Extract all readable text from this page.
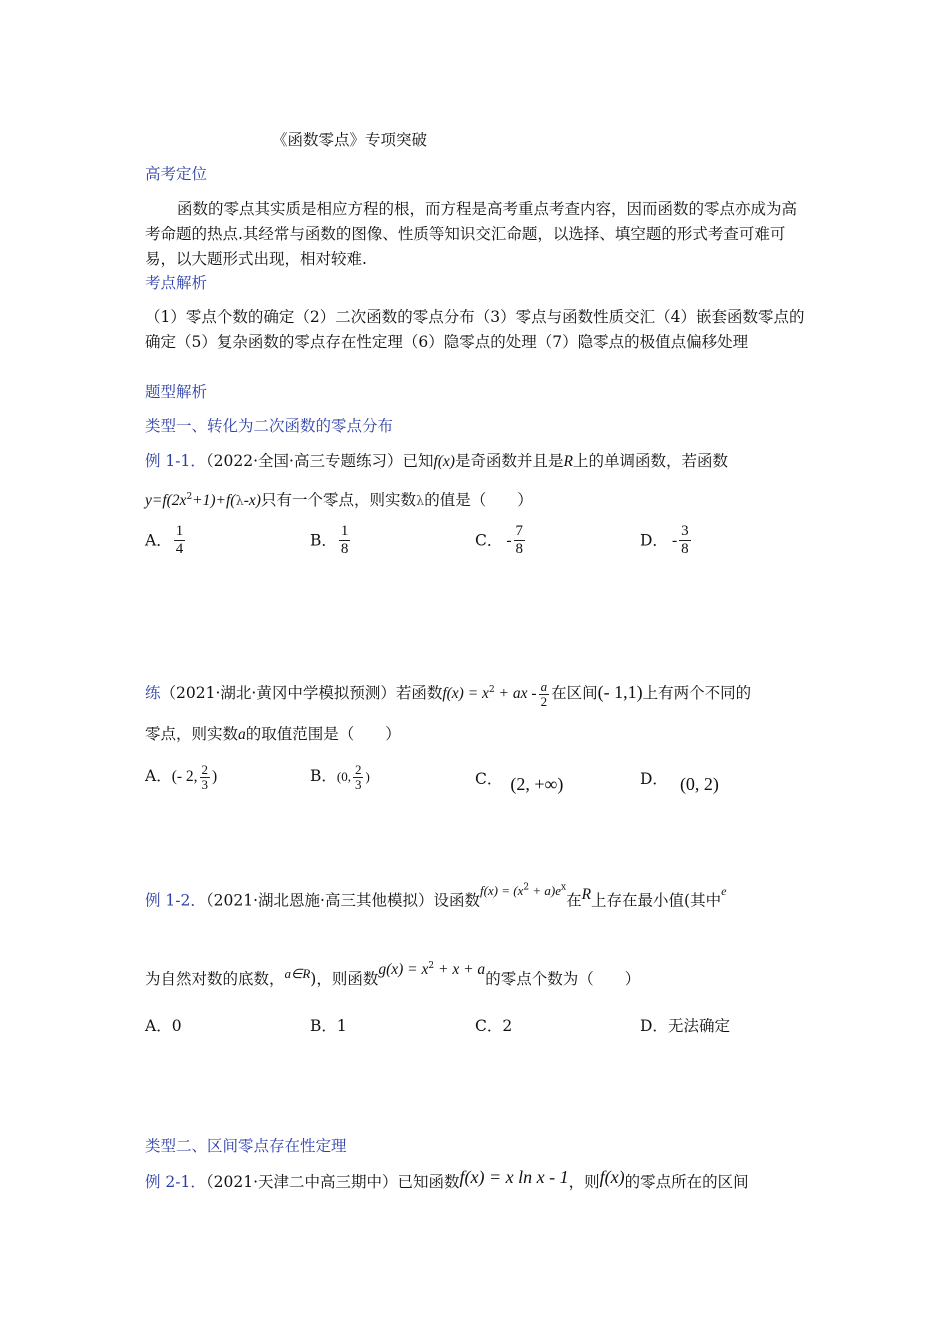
《函数零点》专项突破
高考定位
函数的零点其实质是相应方程的根，而方程是高考重点考查内容，因而函数的零点亦成为高考命题的热点.其经常与函数的图像、性质等知识交汇命题，以选择、填空题的形式考查可难可易，以大题形式出现，相对较难.
考点解析
（1）零点个数的确定（2）二次函数的零点分布（3）零点与函数性质交汇（4）嵌套函数零点的确定（5）复杂函数的零点存在性定理（6）隐零点的处理（7）隐零点的极值点偏移处理
题型解析
类型一、转化为二次函数的零点分布
例 1-1．（2022·全国·高三专题练习）已知f(x)是奇函数并且是R上的单调函数，若函数
$y=f(2x^2+1)+f(\lambda-x)$只有一个零点，则实数λ的值是（　　）
A． $\frac{1}{4}$	B． $\frac{1}{8}$	C． - $\frac{7}{8}$	D． - $\frac{3}{8}$
练（2021·湖北·黄冈中学模拟预测）若函数$f(x) = x^2$ + ax - $\frac{a}{2}$ 在区间(- 1,1)上有两个不同的
零点，则实数a的取值范围是（　　）
A．(- 2, $\frac{2}{3}$ )	B．(0, $\frac{2}{3}$ )	C． (2, +∞)	D． (0, 2)
例 1-2．（2021·湖北恩施·高三其他模拟）设函数$^{f(x) = (x^2 + a)e^x}$在R上存在最小值(其中$^e$
为自然对数的底数，$^{a\in R}$)，则函数$g(x) = x^2 + x + a$的零点个数为（　　）
A．0	B．1	C．2	D．无法确定
类型二、区间零点存在性定理
例 2-1．（2021·天津二中高三期中）已知函数f(x) = x ln x - 1，则f(x)的零点所在的区间
